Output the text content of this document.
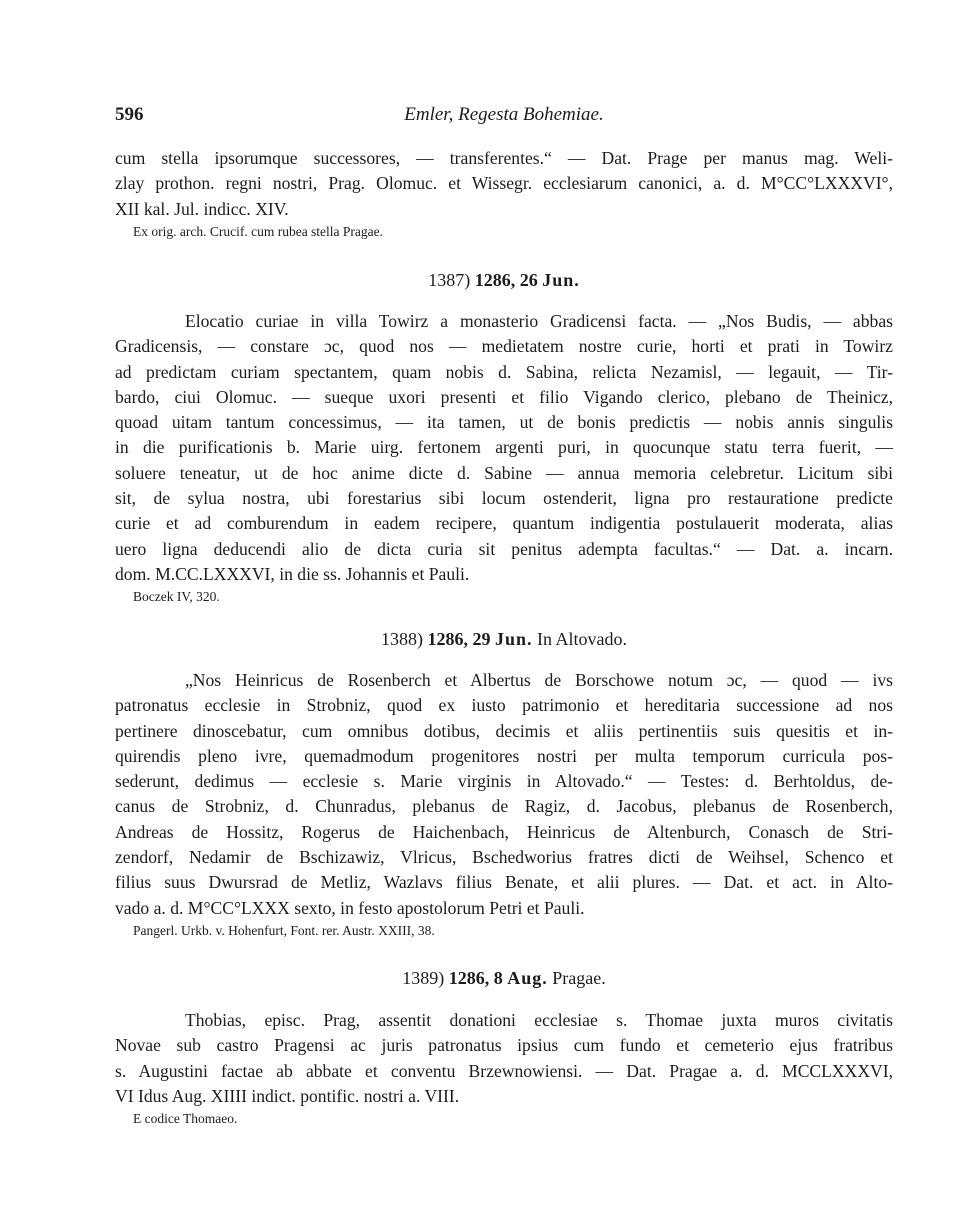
596	Emler, Regesta Bohemiae.

cum stella ipsorumque successores, — transferentes.“ — Dat. Prage per manus mag. Weli-
zlay prothon. regni nostri, Prag. Olomuc. et Wissegr. ecclesiarum canonici, a. d. M°CC°LXXXVI°,
XII kal. Jul. indicc. XIV.

Ex orig. arch. Crucif. cum rubea stella Pragae.

1387) 1286, 26 Jun.

Elocatio curiae in villa Towirz a monasterio Gradicensi facta. — „Nos Budis, — abbas
Gradicensis, — constare ɔc, quod nos — medietatem nostre curie, horti et prati in Towirz
ad predictam curiam spectantem, quam nobis d. Sabina, relicta Nezamisl, — legauit, — Tir-
bardo, ciui Olomuc. — sueque uxori presenti et filio Vigando clerico, plebano de Theinicz,
quoad uitam tantum concessimus, — ita tamen, ut de bonis predictis — nobis annis singulis
in die purificationis b. Marie uirg. fertonem argenti puri, in quocunque statu terra fuerit, —
soluere teneatur, ut de hoc anime dicte d. Sabine — annua memoria celebretur. Licitum sibi
sit, de sylua nostra, ubi forestarius sibi locum ostenderit, ligna pro restauratione predicte
curie et ad comburendum in eadem recipere, quantum indigentia postulauerit moderata, alias
uero ligna deducendi alio de dicta curia sit penitus adempta facultas.“ — Dat. a. incarn.
dom. M.CC.LXXXVI, in die ss. Johannis et Pauli.

Boczek IV, 320.

1388) 1286, 29 Jun. In Altovado.

„Nos Heinricus de Rosenberch et Albertus de Borschowe notum ɔc, — quod — ivs
patronatus ecclesie in Strobniz, quod ex iusto patrimonio et hereditaria successione ad nos
pertinere dinoscebatur, cum omnibus dotibus, decimis et aliis pertinentiis suis quesitis et in-
quirendis pleno ivre, quemadmodum progenitores nostri per multa temporum curricula pos-
sederunt, dedimus — ecclesie s. Marie virginis in Altovado.“ — Testes: d. Berhtoldus, de-
canus de Strobniz, d. Chunradus, plebanus de Ragiz, d. Jacobus, plebanus de Rosenberch,
Andreas de Hossitz, Rogerus de Haichenbach, Heinricus de Altenburch, Conasch de Stri-
zendorf, Nedamir de Bschizawiz, Vlricus, Bschedworius fratres dicti de Weihsel, Schenco et
filius suus Dwursrad de Metliz, Wazlavs filius Benate, et alii plures. — Dat. et act. in Alto-
vado a. d. M°CC°LXXX sexto, in festo apostolorum Petri et Pauli.

Pangerl. Urkb. v. Hohenfurt, Font. rer. Austr. XXIII, 38.

1389) 1286, 8 Aug. Pragae.

Thobias, episc. Prag, assentit donationi ecclesiae s. Thomae juxta muros civitatis
Novae sub castro Pragensi ac juris patronatus ipsius cum fundo et cemeterio ejus fratribus
s. Augustini factae ab abbate et conventu Brzewnowiensi. — Dat. Pragae a. d. MCCLXXXVI,
VI Idus Aug. XIIII indict. pontific. nostri a. VIII.

E codice Thomaeo.
